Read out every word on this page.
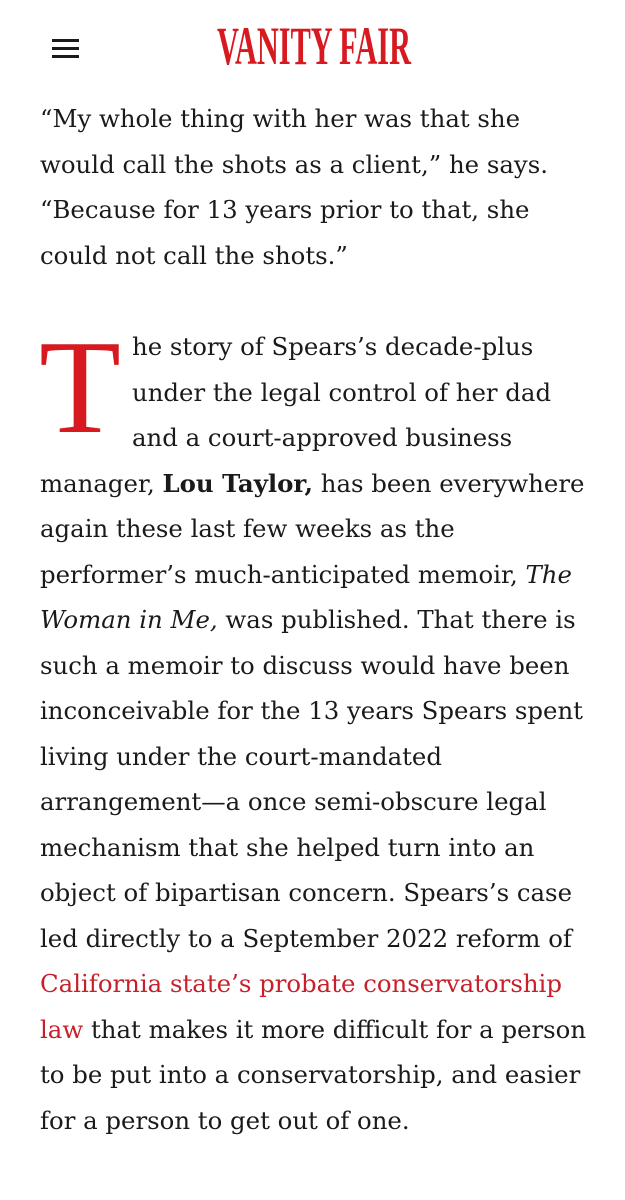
VANITY FAIR

“My whole thing with her was that she would call the shots as a client,” he says. “Because for 13 years prior to that, she could not call the shots.”

T he story of Spears’s decade-plus under the legal control of her dad and a court-approved business manager, Lou Taylor, has been everywhere again these last few weeks as the performer’s much-anticipated memoir, The Woman in Me, was published. That there is such a memoir to discuss would have been inconceivable for the 13 years Spears spent living under the court-mandated arrangement—a once semi-obscure legal mechanism that she helped turn into an object of bipartisan concern. Spears’s case led directly to a September 2022 reform of California state’s probate conservatorship law that makes it more difficult for a person to be put into a conservatorship, and easier for a person to get out of one.
